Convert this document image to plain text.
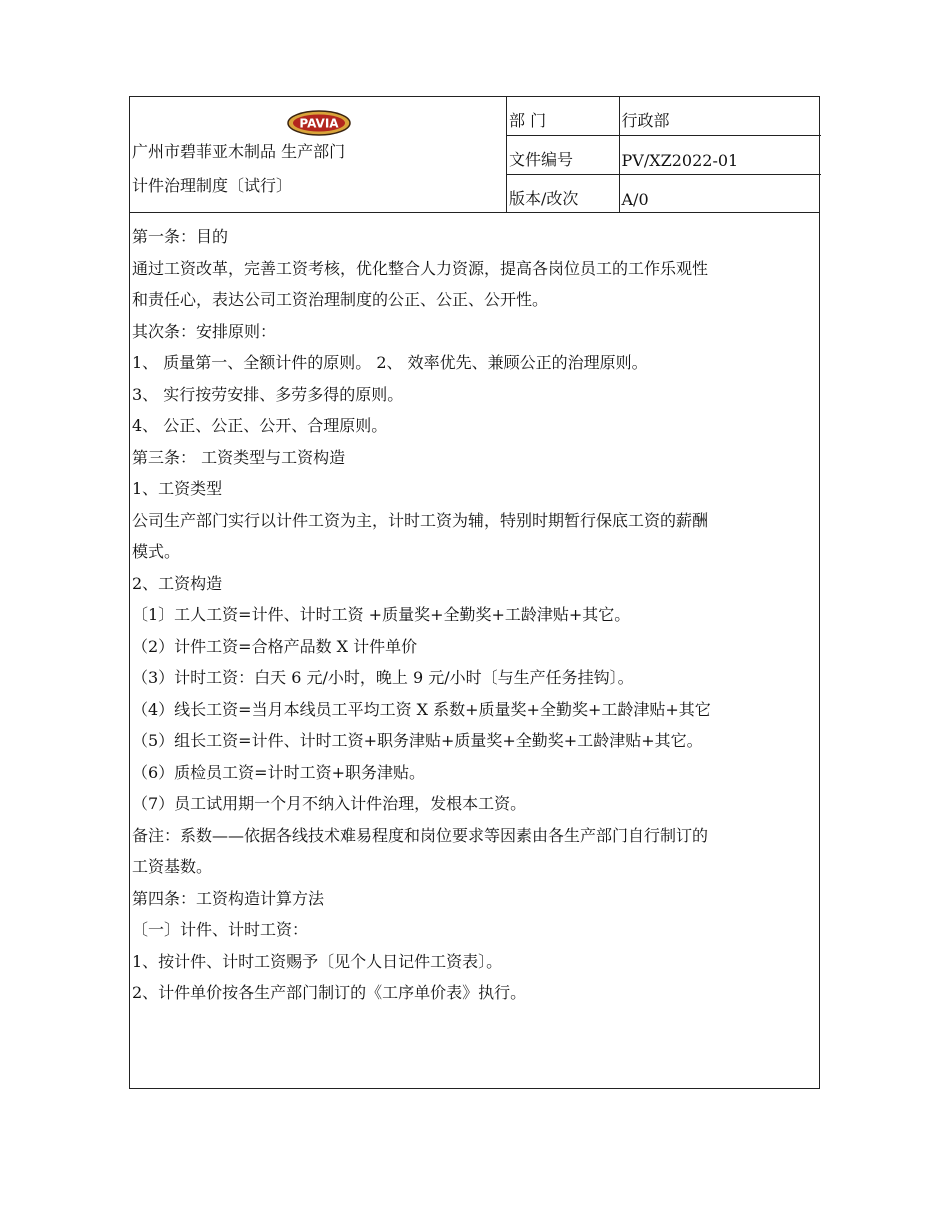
PAVIA
广州市碧菲亚木制品 生产部门
计件治理制度〔试行〕
部 门	行政部

文件编号	PV/XZ2022-01

版本/改次	A/0
第一条：目的
通过工资改革，完善工资考核，优化整合人力资源，提高各岗位员工的工作乐观性
和责任心，表达公司工资治理制度的公正、公正、公开性。
其次条：安排原则：
1、 质量第一、全额计件的原则。 2、 效率优先、兼顾公正的治理原则。
3、 实行按劳安排、多劳多得的原则。
4、 公正、公正、公开、合理原则。
第三条： 工资类型与工资构造
1、工资类型
公司生产部门实行以计件工资为主，计时工资为辅，特别时期暂行保底工资的薪酬
模式。
2、工资构造
〔1〕工人工资=计件、计时工资 +质量奖+全勤奖+工龄津贴+其它。
（2）计件工资=合格产品数 X 计件单价
（3）计时工资：白天 6 元/小时，晚上 9 元/小时〔与生产任务挂钩〕。
（4）线长工资=当月本线员工平均工资 X 系数+质量奖+全勤奖+工龄津贴+其它
（5）组长工资=计件、计时工资+职务津贴+质量奖+全勤奖+工龄津贴+其它。
（6）质检员工资=计时工资+职务津贴。
（7）员工试用期一个月不纳入计件治理，发根本工资。
备注：系数——依据各线技术难易程度和岗位要求等因素由各生产部门自行制订的
工资基数。
第四条：工资构造计算方法
〔一〕计件、计时工资：
1、按计件、计时工资赐予〔见个人日记件工资表〕。
2、计件单价按各生产部门制订的《工序单价表》执行。
